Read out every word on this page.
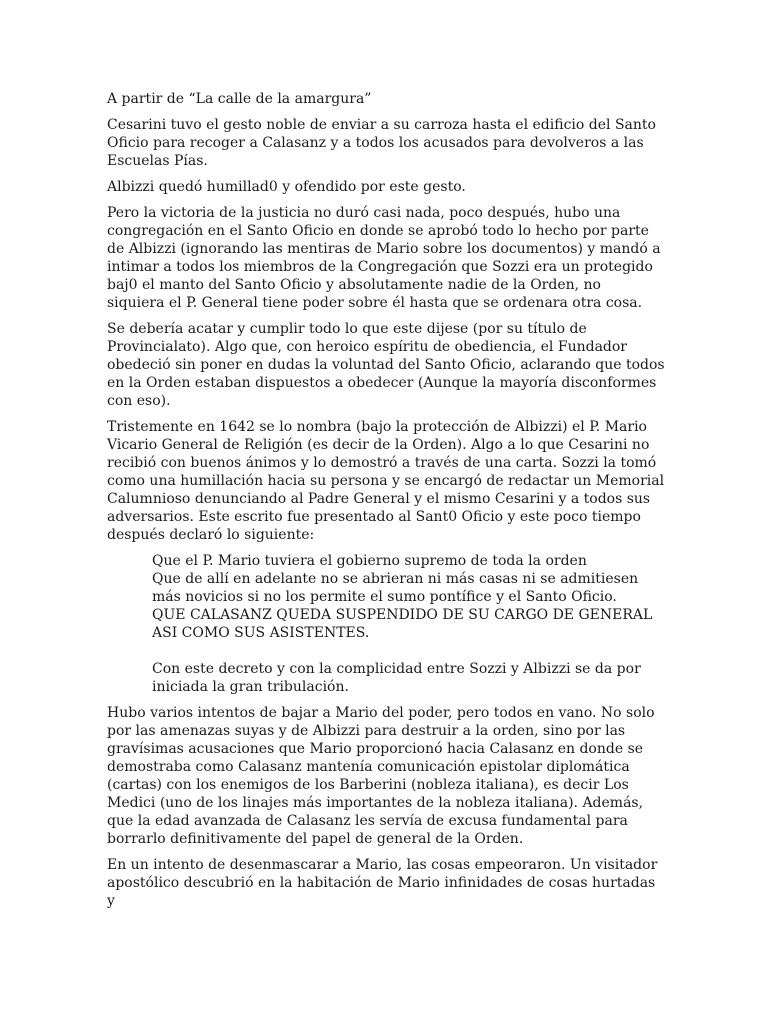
A partir de “La calle de la amargura”

Cesarini tuvo el gesto noble de enviar a su carroza hasta el edificio del Santo
Oficio para recoger a Calasanz y a todos los acusados para devolveros a las
Escuelas Pías.

Albizzi quedó humillad0 y ofendido por este gesto.

Pero la victoria de la justicia no duró casi nada, poco después, hubo una
congregación en el Santo Oficio en donde se aprobó todo lo hecho por parte
de Albizzi (ignorando las mentiras de Mario sobre los documentos) y mandó a
intimar a todos los miembros de la Congregación que Sozzi era un protegido
baj0 el manto del Santo Oficio y absolutamente nadie de la Orden, no
siquiera el P. General tiene poder sobre él hasta que se ordenara otra cosa.

Se debería acatar y cumplir todo lo que este dijese (por su título de
Provincialato). Algo que, con heroico espíritu de obediencia, el Fundador
obedeció sin poner en dudas la voluntad del Santo Oficio, aclarando que todos
en la Orden estaban dispuestos a obedecer (Aunque la mayoría disconformes
con eso).

Tristemente en 1642 se lo nombra (bajo la protección de Albizzi) el P. Mario
Vicario General de Religión (es decir de la Orden). Algo a lo que Cesarini no
recibió con buenos ánimos y lo demostró a través de una carta. Sozzi la tomó
como una humillación hacia su persona y se encargó de redactar un Memorial
Calumnioso denunciando al Padre General y el mismo Cesarini y a todos sus
adversarios. Este escrito fue presentado al Sant0 Oficio y este poco tiempo
después declaró lo siguiente:

Que el P. Mario tuviera el gobierno supremo de toda la orden
Que de allí en adelante no se abrieran ni más casas ni se admitiesen
más novicios si no los permite el sumo pontífice y el Santo Oficio.
QUE CALASANZ QUEDA SUSPENDIDO DE SU CARGO DE GENERAL
ASI COMO SUS ASISTENTES.
Con este decreto y con la complicidad entre Sozzi y Albizzi se da por
iniciada la gran tribulación.

Hubo varios intentos de bajar a Mario del poder, pero todos en vano. No solo
por las amenazas suyas y de Albizzi para destruir a la orden, sino por las
gravísimas acusaciones que Mario proporcionó hacia Calasanz en donde se
demostraba como Calasanz mantenía comunicación epistolar diplomática
(cartas) con los enemigos de los Barberini (nobleza italiana), es decir Los
Medici (uno de los linajes más importantes de la nobleza italiana). Además,
que la edad avanzada de Calasanz les servía de excusa fundamental para
borrarlo definitivamente del papel de general de la Orden.

En un intento de desenmascarar a Mario, las cosas empeoraron. Un visitador
apostólico descubrió en la habitación de Mario infinidades de cosas hurtadas y
